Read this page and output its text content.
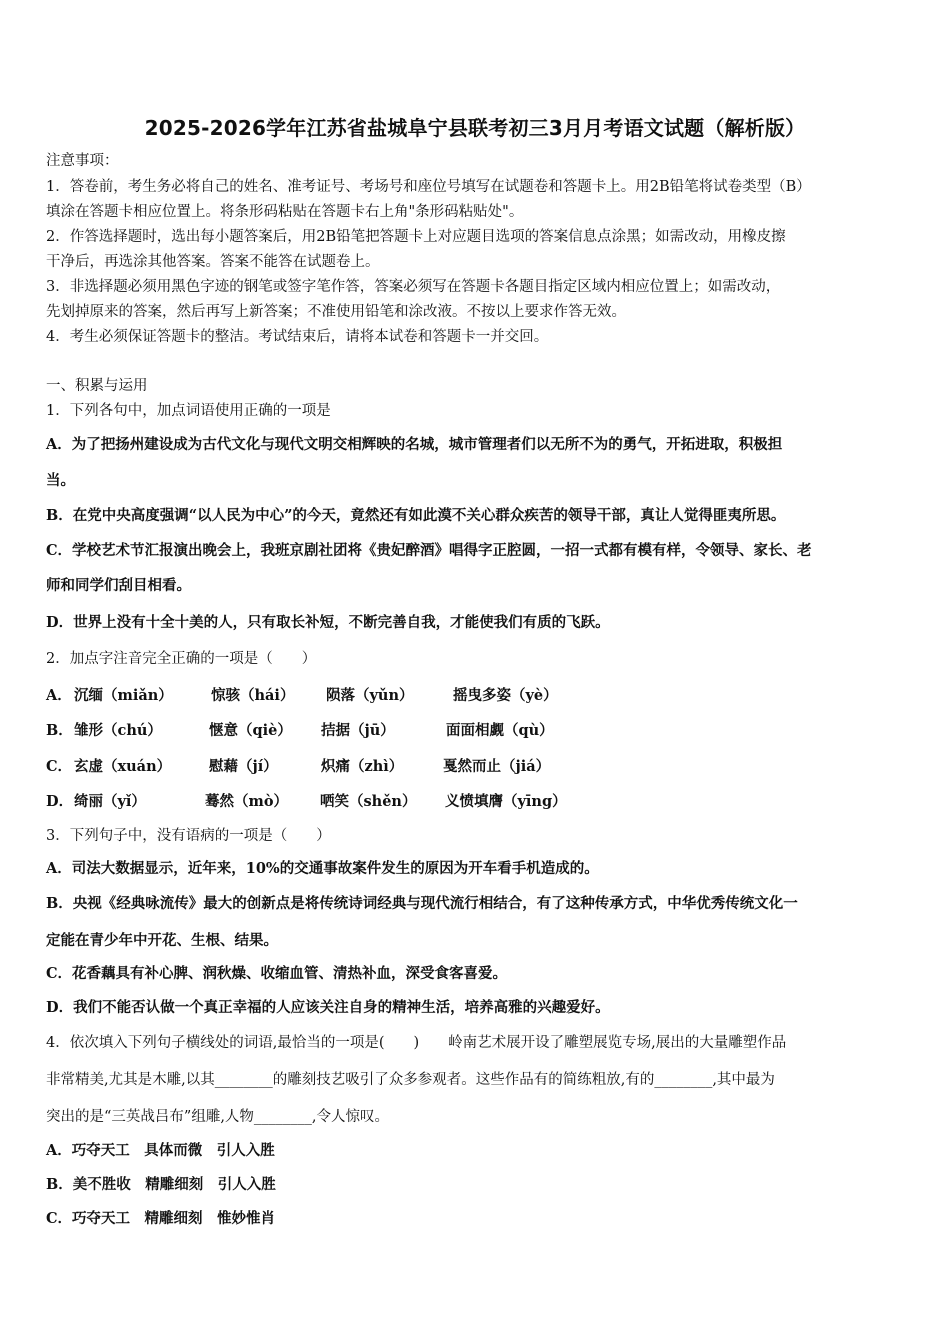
2025-2026学年江苏省盐城阜宁县联考初三3月月考语文试题（解析版）
注意事项：
1．答卷前，考生务必将自己的姓名、准考证号、考场号和座位号填写在试题卷和答题卡上。用2B铅笔将试卷类型（B）
填涂在答题卡相应位置上。将条形码粘贴在答题卡右上角"条形码粘贴处"。
2．作答选择题时，选出每小题答案后，用2B铅笔把答题卡上对应题目选项的答案信息点涂黑；如需改动，用橡皮擦
干净后，再选涂其他答案。答案不能答在试题卷上。
3．非选择题必须用黑色字迹的钢笔或签字笔作答，答案必须写在答题卡各题目指定区域内相应位置上；如需改动，
先划掉原来的答案，然后再写上新答案；不准使用铅笔和涂改液。不按以上要求作答无效。
4．考生必须保证答题卡的整洁。考试结束后，请将本试卷和答题卡一并交回。
一、积累与运用
1．下列各句中，加点词语使用正确的一项是
A．为了把扬州建设成为古代文化与现代文明交相辉映的名城，城市管理者们以无所不为的勇气，开拓进取，积极担
当。
B．在党中央高度强调“以人民为中心”的今天，竟然还有如此漠不关心群众疾苦的领导干部，真让人觉得匪夷所思。
C．学校艺术节汇报演出晚会上，我班京剧社团将《贵妃醉酒》唱得字正腔圆，一招一式都有模有样，令领导、家长、老
师和同学们刮目相看。
D．世界上没有十全十美的人，只有取长补短，不断完善自我，才能使我们有质的飞跃。
2．加点字注音完全正确的一项是（　　）
A． 沉缅（miǎn）	惊骇（hái） 陨落（yǔn）	摇曳多姿（yè）
B． 雏形（chú）	惬意（qiè） 拮据（jū）	面面相觑（qù）
C． 玄虚（xuán）	慰藉（jí）	炽痛（zhì）	戛然而止（jiá）
D． 绮丽（yǐ）	蓦然（mò） 哂笑（shěn） 义愤填膺（yīng）
3．下列句子中，没有语病的一项是（　　）
A．司法大数据显示，近年来，10%的交通事故案件发生的原因为开车看手机造成的。
B．央视《经典咏流传》最大的创新点是将传统诗词经典与现代流行相结合，有了这种传承方式，中华优秀传统文化一
定能在青少年中开花、生根、结果。
C．花香藕具有补心脾、润秋燥、收缩血管、清热补血，深受食客喜爱。
D．我们不能否认做一个真正幸福的人应该关注自身的精神生活，培养高雅的兴趣爱好。
4．依次填入下列句子横线处的词语,最恰当的一项是(　　)　　岭南艺术展开设了雕塑展览专场,展出的大量雕塑作品
非常精美,尤其是木雕,以其________的雕刻技艺吸引了众多参观者。这些作品有的简练粗放,有的________,其中最为
突出的是“三英战吕布”组雕,人物________,令人惊叹。
A．巧夺天工　具体而微　引人入胜
B．美不胜收　精雕细刻　引人入胜
C．巧夺天工　精雕细刻　惟妙惟肖
